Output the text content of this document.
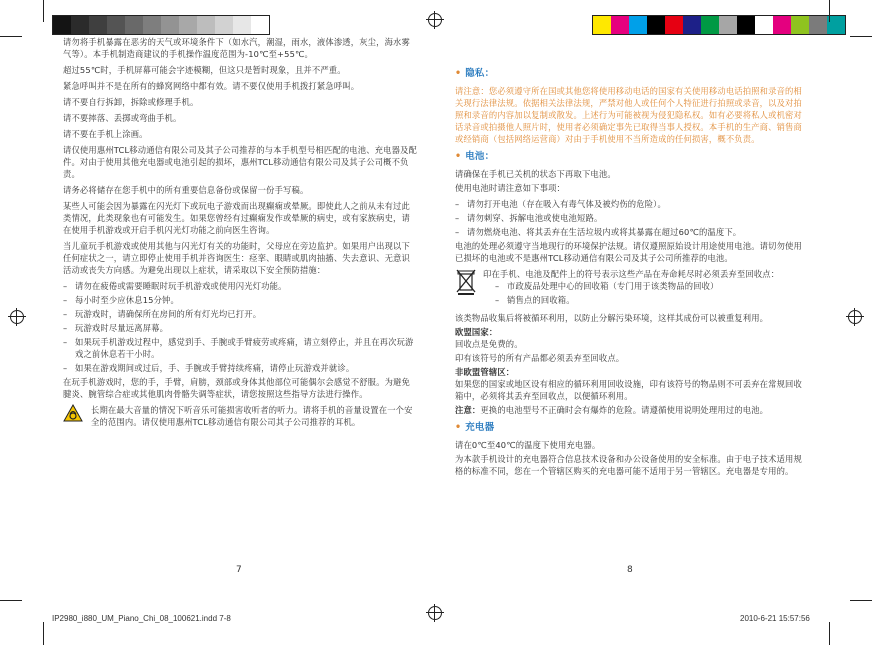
请勿将手机暴露在恶劣的天气或环境条件下（如水汽，潮湿，雨水，液体渗透，灰尘，海水雾气等）。本手机制造商建议的手机操作温度范围为-10℃至+55℃。

超过55℃时，手机屏幕可能会字迹模糊，但这只是暂时现象，且并不严重。

紧急呼叫并不是在所有的蜂窝网络中都有效。请不要仅使用手机拨打紧急呼叫。

请不要自行拆卸，拆除或修理手机。

请不要摔落、丢掷或弯曲手机。

请不要在手机上涂画。

请仅使用惠州TCL移动通信有限公司及其子公司推荐的与本手机型号相匹配的电池、充电器及配件。对由于使用其他充电器或电池引起的损坏，惠州TCL移动通信有限公司及其子公司概不负责。

请务必将储存在您手机中的所有重要信息备份或保留一份手写稿。

某些人可能会因为暴露在闪光灯下或玩电子游戏而出现癫痫或晕厥。即使此人之前从未有过此类情况，此类现象也有可能发生。如果您曾经有过癫痫发作或晕厥的病史，或有家族病史，请在使用手机游戏或开启手机闪光灯功能之前向医生咨询。

当儿童玩手机游戏或使用其他与闪光灯有关的功能时，父母应在旁边监护。如果用户出现以下任何症状之一，请立即停止使用手机并咨询医生：痉挛、眼睛或肌肉抽搐、失去意识、无意识活动或丧失方向感。为避免出现以上症状，请采取以下安全预防措施：

– 请勿在疲倦或需要睡眠时玩手机游戏或使用闪光灯功能。
– 每小时至少应休息15分钟。
– 玩游戏时，请确保所在房间的所有灯光均已打开。
– 玩游戏时尽量远离屏幕。
– 如果玩手机游戏过程中，感觉到手、手腕或手臂疲劳或疼痛，请立刻停止，并且在再次玩游戏之前休息若干小时。
– 如果在游戏期间或过后，手、手腕或手臂持续疼痛，请停止玩游戏并就诊。

在玩手机游戏时，您的手，手臂，肩膀，颈部或身体其他部位可能偶尔会感觉不舒服。为避免腱炎、腕管综合症或其他肌肉骨骼失调等症状，请您按照这些指导方法进行操作。

长期在最大音量的情况下听音乐可能损害收听者的听力。请将手机的音量设置在一个安全的范围内。请仅使用惠州TCL移动通信有限公司其子公司推荐的耳机。
7
• 隐私：

请注意：您必须遵守所在国或其他您将使用移动电话的国家有关使用移动电话拍照和录音的相关现行法律法规。依据相关法律法规，严禁对他人或任何个人特征进行拍照或录音，以及对拍照和录音的内容加以复制或散发。上述行为可能被视为侵犯隐私权。如有必要将私人或机密对话录音或拍摄他人照片时，使用者必须确定事先已取得当事人授权。本手机的生产商、销售商或经销商（包括网络运营商）对由于手机使用不当所造成的任何损害，概不负责。

• 电池：

请确保在手机已关机的状态下再取下电池。

使用电池时请注意如下事项：

– 请勿打开电池（存在吸入有毒气体及被灼伤的危险）。
– 请勿刺穿、拆解电池或使电池短路。
– 请勿燃烧电池、将其丢弃在生活垃圾内或将其暴露在超过60℃的温度下。

电池的处理必须遵守当地现行的环境保护法规。请仅遵照原始设计用途使用电池。请切勿使用已损坏的电池或不是惠州TCL移动通信有限公司及其子公司所推荐的电池。

印在手机、电池及配件上的符号表示这些产品在寿命耗尽时必须丢弃至回收点：
– 市政废品处理中心的回收箱（专门用于该类物品的回收）
– 销售点的回收箱。

该类物品收集后将被循环利用，以防止分解污染环境，这样其成份可以被重复利用。

欧盟国家：

回收点是免费的。

印有该符号的所有产品都必须丢弃至回收点。

非欧盟管辖区：

如果您的国家或地区设有相应的循环利用回收设施，印有该符号的物品则不可丢弃在常规回收箱中，必须将其丢弃至回收点，以便循环利用。

注意：更换的电池型号不正确时会有爆炸的危险。请遵循使用说明处理用过的电池。

• 充电器

请在0℃至40℃的温度下使用充电器。

为本款手机设计的充电器符合信息技术设备和办公设备使用的安全标准。由于电子技术适用规格的标准不同，您在一个管辖区购买的充电器可能不适用于另一管辖区。充电器是专用的。

8
IP2980_i880_UM_Piano_Chi_08_100621.indd 7-8	2010-6-21 15:57:56
